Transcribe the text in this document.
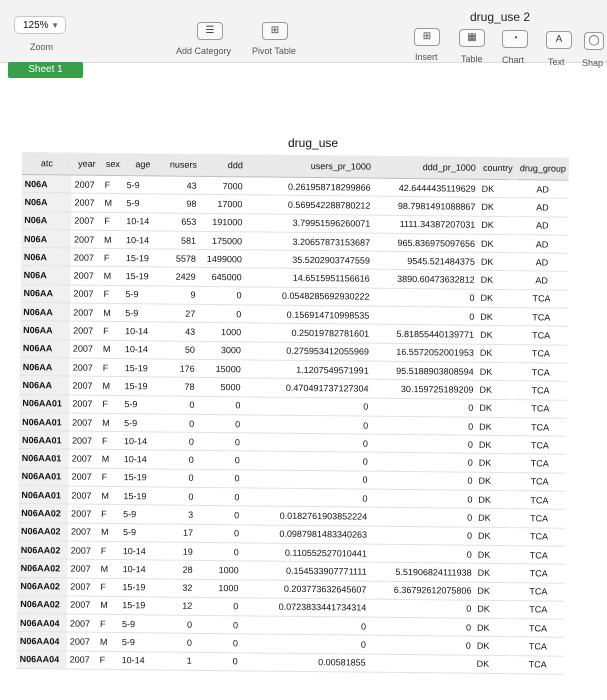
drug_use 2
125% ▼
Zoom
☰
Add Category
⊞
Pivot Table
⊞
Insert
▦
Table
◔
Chart
A
Text
◯
Shap
Sheet 1
drug_use
atc	year	sex	age	nusers	ddd	users_pr_1000	ddd_pr_1000	country	drug_group
N06A	2007	F	5-9	43	7000	0.261958718299866	42.6444435119629	DK	AD
N06A	2007	M	5-9	98	17000	0.569542288780212	98.7981491088867	DK	AD
N06A	2007	F	10-14	653	191000	3.79951596260071	1111.34387207031	DK	AD
N06A	2007	M	10-14	581	175000	3.20657873153687	965.836975097656	DK	AD
N06A	2007	F	15-19	5578	1499000	35.5202903747559	9545.521484375	DK	AD
N06A	2007	M	15-19	2429	645000	14.6515951156616	3890.60473632812	DK	AD
N06AA	2007	F	5-9	9	0	0.0548285692930222	0	DK	TCA
N06AA	2007	M	5-9	27	0	0.156914710998535	0	DK	TCA
N06AA	2007	F	10-14	43	1000	0.25019782781601	5.81855440139771	DK	TCA
N06AA	2007	M	10-14	50	3000	0.275953412055969	16.5572052001953	DK	TCA
N06AA	2007	F	15-19	176	15000	1.1207549571991	95.5188903808594	DK	TCA
N06AA	2007	M	15-19	78	5000	0.470491737127304	30.159725189209	DK	TCA
N06AA01	2007	F	5-9	0	0	0	0	DK	TCA
N06AA01	2007	M	5-9	0	0	0	0	DK	TCA
N06AA01	2007	F	10-14	0	0	0	0	DK	TCA
N06AA01	2007	M	10-14	0	0	0	0	DK	TCA
N06AA01	2007	F	15-19	0	0	0	0	DK	TCA
N06AA01	2007	M	15-19	0	0	0	0	DK	TCA
N06AA02	2007	F	5-9	3	0	0.0182761903852224	0	DK	TCA
N06AA02	2007	M	5-9	17	0	0.0987981483340263	0	DK	TCA
N06AA02	2007	F	10-14	19	0	0.110552527010441	0	DK	TCA
N06AA02	2007	M	10-14	28	1000	0.154533907771111	5.51906824111938	DK	TCA
N06AA02	2007	F	15-19	32	1000	0.203773632645607	6.36792612075806	DK	TCA
N06AA02	2007	M	15-19	12	0	0.0723833441734314	0	DK	TCA
N06AA04	2007	F	5-9	0	0	0	0	DK	TCA
N06AA04	2007	M	5-9	0	0	0	0	DK	TCA
N06AA04	2007	F	10-14	1	0	0.00581855		DK	TCA
